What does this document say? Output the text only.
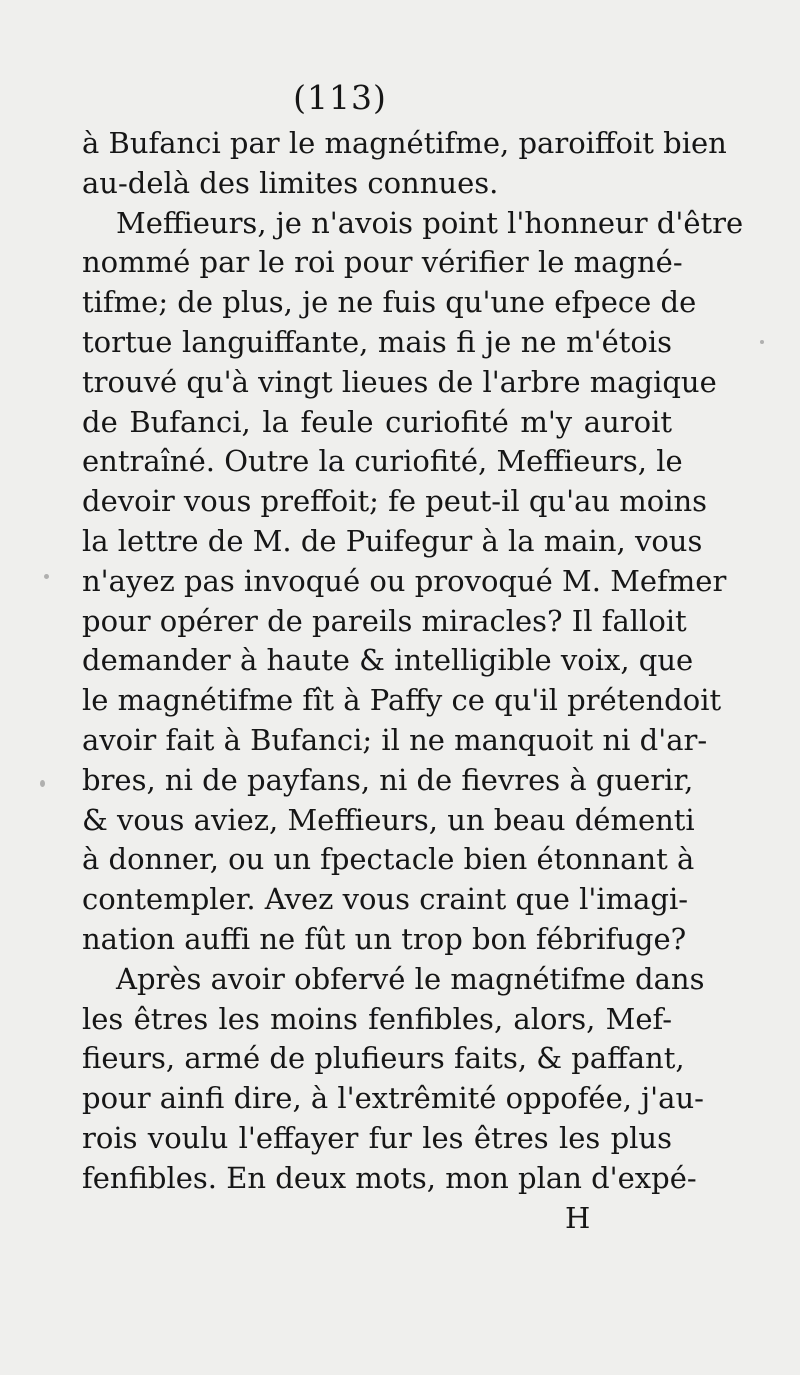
(113)
à Bufanci par le magnétifme, paroiffoit bien
au-delà des limites connues.
Meffieurs, je n'avois point l'honneur d'être
nommé par le roi pour vérifier le magné-
tifme; de plus, je ne fuis qu'une efpece de
tortue languiffante, mais fi je ne m'étois
trouvé qu'à vingt lieues de l'arbre magique
de Bufanci, la feule curiofité m'y auroit
entraîné. Outre la curiofité, Meffieurs, le
devoir vous preffoit; fe peut-il qu'au moins
la lettre de M. de Puifegur à la main, vous
n'ayez pas invoqué ou provoqué M. Mefmer
pour opérer de pareils miracles? Il falloit
demander à haute & intelligible voix, que
le magnétifme fît à Paffy ce qu'il prétendoit
avoir fait à Bufanci; il ne manquoit ni d'ar-
bres, ni de payfans, ni de fievres à guerir,
& vous aviez, Meffieurs, un beau démenti
à donner, ou un fpectacle bien étonnant à
contempler. Avez vous craint que l'imagi-
nation auffi ne fût un trop bon fébrifuge?
Après avoir obfervé le magnétifme dans
les êtres les moins fenfibles, alors, Mef-
fieurs, armé de plufieurs faits, & paffant,
pour ainfi dire, à l'extrêmité oppofée, j'au-
rois voulu l'effayer fur les êtres les plus
fenfibles. En deux mots, mon plan d'expé-
H
